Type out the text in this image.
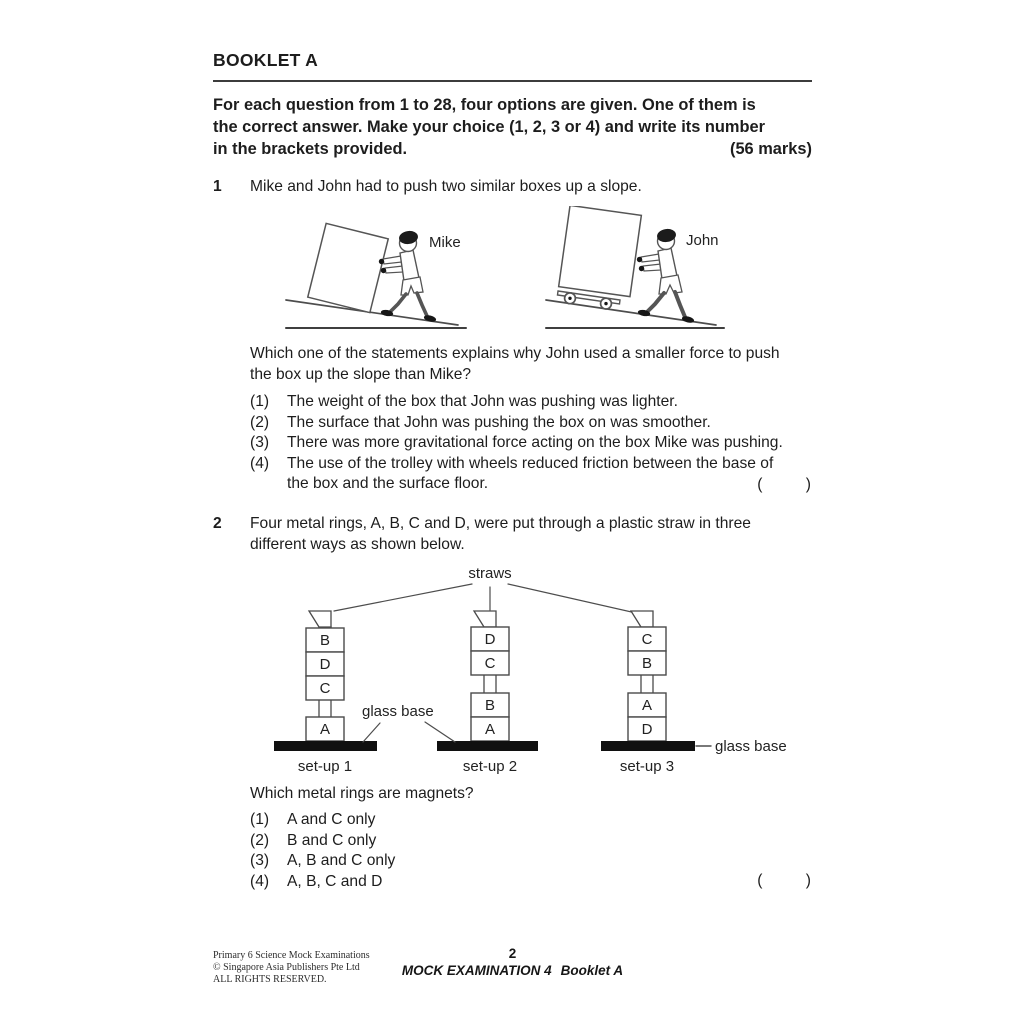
BOOKLET A
For each question from 1 to 28, four options are given. One of them is
the correct answer. Make your choice (1, 2, 3 or 4) and write its number
in the brackets provided.	(56 marks)
1	Mike and John had to push two similar boxes up a slope.
Mike	John
Which one of the statements explains why John used a smaller force to push
the box up the slope than Mike?
(1)	The weight of the box that John was pushing was lighter.
(2)	The surface that John was pushing the box on was smoother.
(3)	There was more gravitational force acting on the box Mike was pushing.
(4)	The use of the trolley with wheels reduced friction between the base of
the box and the surface floor.	(          )
2	Four metal rings, A, B, C and D, were put through a plastic straw in three
different ways as shown below.
straws
B
D
C
A
set-up 1
D
C
B
A
set-up 2
C
B
A
D
set-up 3
glass base
glass base
Which metal rings are magnets?
(1)	A and C only
(2)	B and C only
(3)	A, B and C only
(4)	A, B, C and D	(          )
Primary 6 Science Mock Examinations
© Singapore Asia Publishers Pte Ltd
ALL RIGHTS RESERVED.
2
MOCK EXAMINATION 4 Booklet A
